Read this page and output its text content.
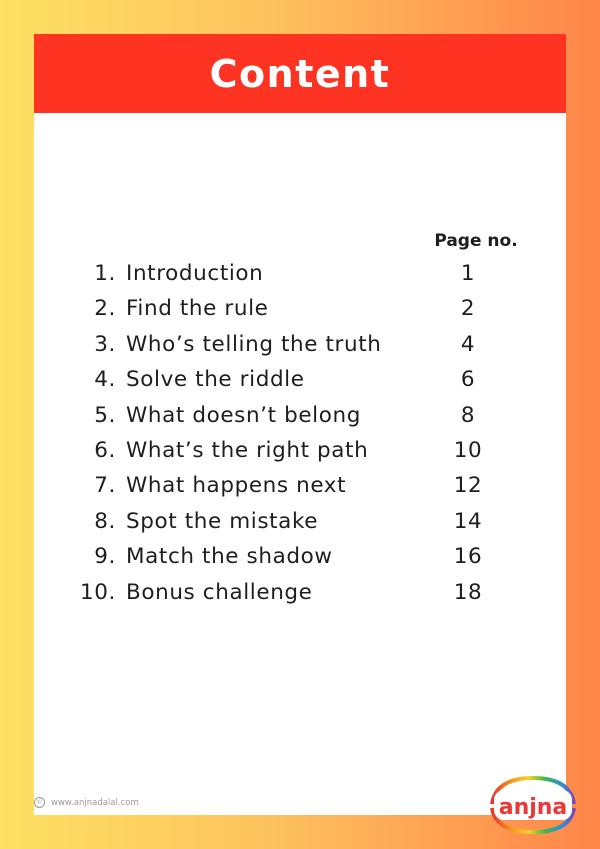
Content
Page no.
1. Introduction	1
2. Find the rule	2
3. Who’s telling the truth	4
4. Solve the riddle	6
5. What doesn’t belong	8
6. What’s the right path	10
7. What happens next	12
8. Spot the mistake	14
9. Match the shadow	16
10. Bonus challenge	18
© www.anjnadalal.com	anjna
